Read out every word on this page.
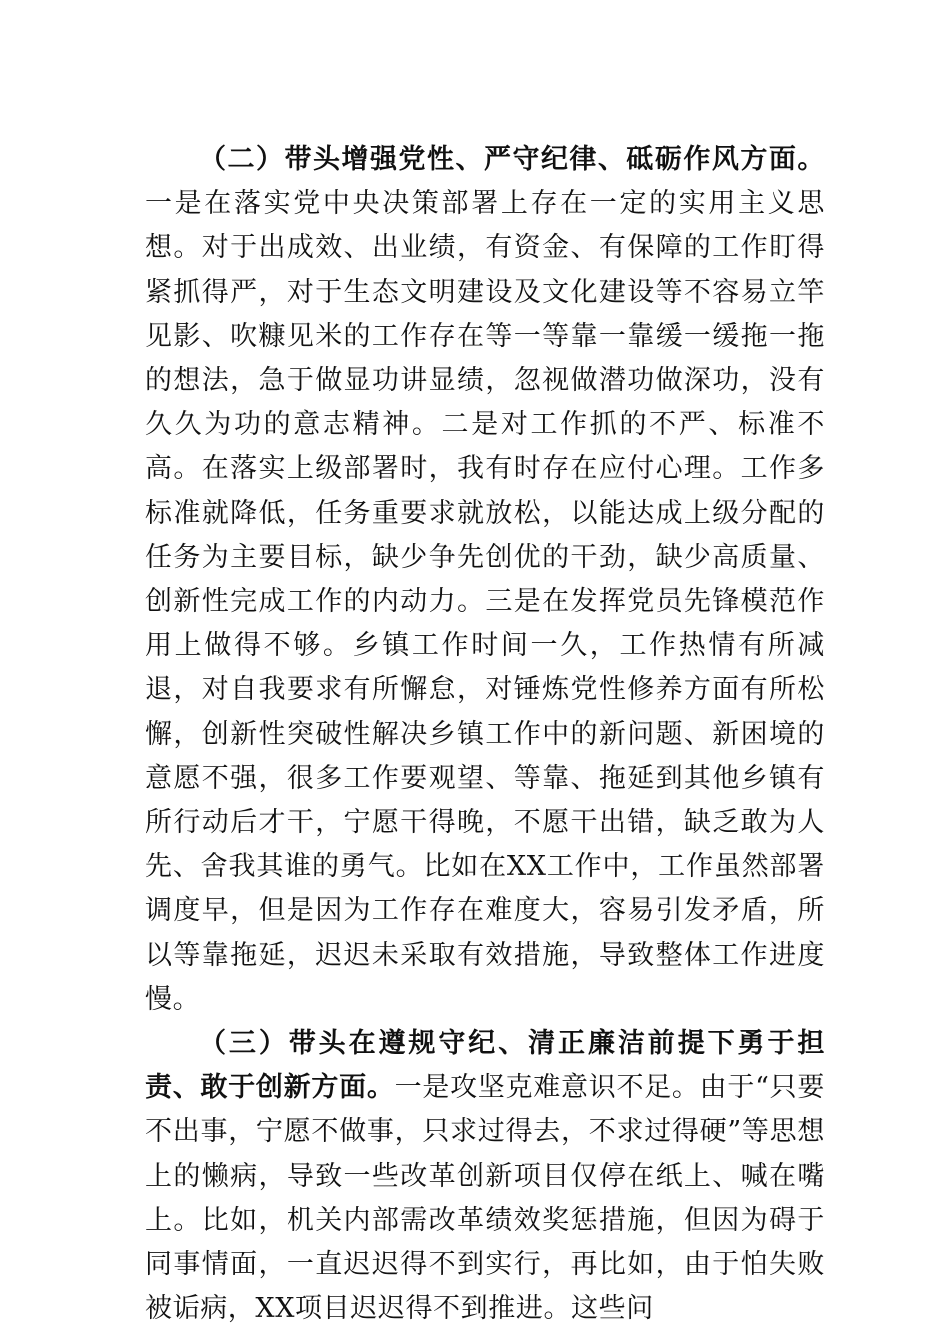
（二）带头增强党性、严守纪律、砥砺作风方面。一是在落实党中央决策部署上存在一定的实用主义思想。对于出成效、出业绩，有资金、有保障的工作盯得紧抓得严，对于生态文明建设及文化建设等不容易立竿见影、吹糠见米的工作存在等一等靠一靠缓一缓拖一拖的想法，急于做显功讲显绩，忽视做潜功做深功，没有久久为功的意志精神。二是对工作抓的不严、标准不高。在落实上级部署时，我有时存在应付心理。工作多标准就降低，任务重要求就放松，以能达成上级分配的任务为主要目标，缺少争先创优的干劲，缺少高质量、创新性完成工作的内动力。三是在发挥党员先锋模范作用上做得不够。乡镇工作时间一久，工作热情有所减退，对自我要求有所懈怠，对锤炼党性修养方面有所松懈，创新性突破性解决乡镇工作中的新问题、新困境的意愿不强，很多工作要观望、等靠、拖延到其他乡镇有所行动后才干，宁愿干得晚，不愿干出错，缺乏敢为人先、舍我其谁的勇气。比如在XX工作中，工作虽然部署调度早，但是因为工作存在难度大，容易引发矛盾，所以等靠拖延，迟迟未采取有效措施，导致整体工作进度慢。

（三）带头在遵规守纪、清正廉洁前提下勇于担责、敢于创新方面。一是攻坚克难意识不足。由于“只要不出事，宁愿不做事，只求过得去，不求过得硬”等思想上的懒病，导致一些改革创新项目仅停在纸上、喊在嘴上。比如，机关内部需改革绩效奖惩措施，但因为碍于同事情面，一直迟迟得不到实行，再比如，由于怕失败被诟病，XX项目迟迟得不到推进。这些问
